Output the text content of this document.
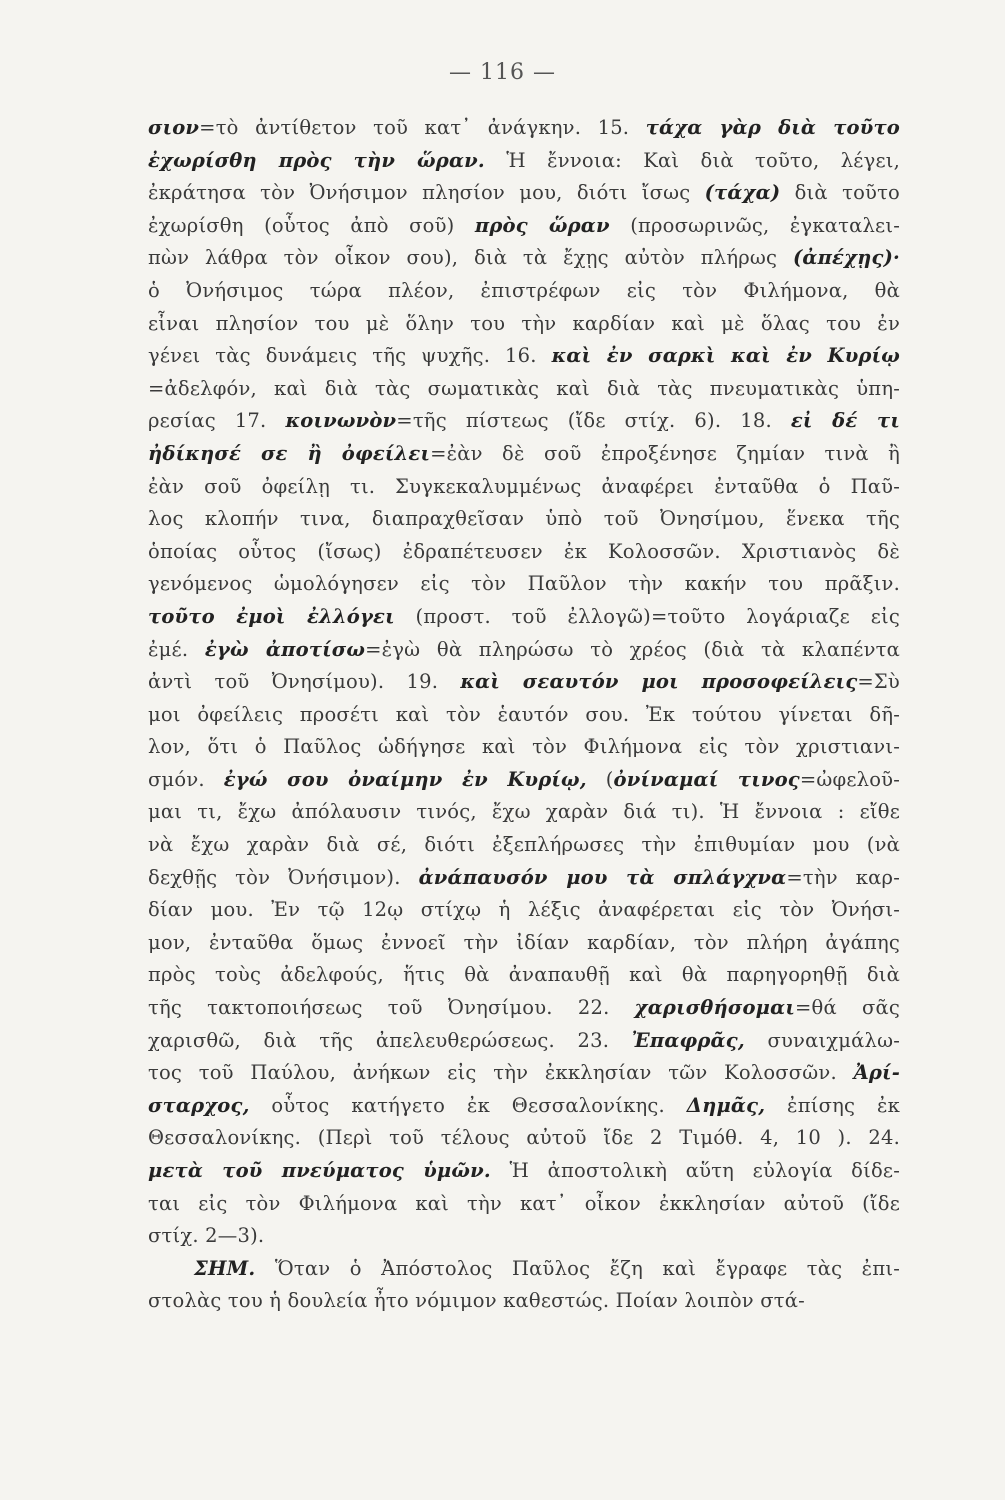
— 116 —
σιον=τὸ ἀντίθετον τοῦ κατ᾽ ἀνάγκην. 15. τάχα γὰρ διὰ τοῦτο
ἐχωρίσθη πρὸς τὴν ὥραν. Ἡ ἔννοια: Καὶ διὰ τοῦτο, λέγει,
ἐκράτησα τὸν Ὀνήσιμον πλησίον μου, διότι ἴσως (τάχα) διὰ τοῦτο
ἐχωρίσθη (οὗτος ἀπὸ σοῦ) πρὸς ὥραν (προσωρινῶς, ἐγκαταλει-
πὼν λάθρα τὸν οἶκον σου), διὰ τὰ ἔχῃς αὐτὸν πλήρως (ἀπέχῃς)·
ὁ Ὀνήσιμος τώρα πλέον, ἐπιστρέφων εἰς τὸν Φιλήμονα, θὰ
εἶναι πλησίον του μὲ ὅλην του τὴν καρδίαν καὶ μὲ ὅλας του ἐν
γένει τὰς δυνάμεις τῆς ψυχῆς. 16. καὶ ἐν σαρκὶ καὶ ἐν Κυρίῳ
=ἀδελφόν, καὶ διὰ τὰς σωματικὰς καὶ διὰ τὰς πνευματικὰς ὑπη-
ρεσίας 17. κοινωνὸν=τῆς πίστεως (ἴδε στίχ. 6). 18. εἰ δέ τι
ἠδίκησέ σε ἢ ὀφείλει=ἐὰν δὲ σοῦ ἐπροξένησε ζημίαν τινὰ ἢ
ἐὰν σοῦ ὀφείλῃ τι. Συγκεκαλυμμένως ἀναφέρει ἐνταῦθα ὁ Παῦ-
λος κλοπήν τινα, διαπραχθεῖσαν ὑπὸ τοῦ Ὀνησίμου, ἕνεκα τῆς
ὁποίας οὗτος (ἴσως) ἐδραπέτευσεν ἐκ Κολοσσῶν. Χριστιανὸς δὲ
γενόμενος ὡμολόγησεν εἰς τὸν Παῦλον τὴν κακήν του πρᾶξιν.
τοῦτο ἐμοὶ ἐλλόγει (προστ. τοῦ ἐλλογῶ)=τοῦτο λογάριαζε εἰς
ἐμέ. ἐγὼ ἀποτίσω=ἐγὼ θὰ πληρώσω τὸ χρέος (διὰ τὰ κλαπέντα
ἀντὶ τοῦ Ὀνησίμου). 19. καὶ σεαυτόν μοι προσοφείλεις=Σὺ
μοι ὀφείλεις προσέτι καὶ τὸν ἑαυτόν σου. Ἐκ τούτου γίνεται δῆ-
λον, ὅτι ὁ Παῦλος ὡδήγησε καὶ τὸν Φιλήμονα εἰς τὸν χριστιανι-
σμόν. ἐγώ σου ὀναίμην ἐν Κυρίῳ, (ὀνίναμαί τινος=ὠφελοῦ-
μαι τι, ἔχω ἀπόλαυσιν τινός, ἔχω χαρὰν διά τι). Ἡ ἔννοια : εἴθε
νὰ ἔχω χαρὰν διὰ σέ, διότι ἐξεπλήρωσες τὴν ἐπιθυμίαν μου (νὰ
δεχθῇς τὸν Ὀνήσιμον). ἀνάπαυσόν μου τὰ σπλάγχνα=τὴν καρ-
δίαν μου. Ἐν τῷ 12ῳ στίχῳ ἡ λέξις ἀναφέρεται εἰς τὸν Ὀνήσι-
μον, ἐνταῦθα ὅμως ἐννοεῖ τὴν ἰδίαν καρδίαν, τὸν πλήρη ἀγάπης
πρὸς τοὺς ἀδελφούς, ἥτις θὰ ἀναπαυθῇ καὶ θὰ παρηγορηθῇ διὰ
τῆς τακτοποιήσεως τοῦ Ὀνησίμου. 22. χαρισθήσομαι=θά σᾶς
χαρισθῶ, διὰ τῆς ἀπελευθερώσεως. 23. Ἐπαφρᾶς, συναιχμάλω-
τος τοῦ Παύλου, ἀνήκων εἰς τὴν ἐκκλησίαν τῶν Κολοσσῶν. Ἀρί-
σταρχος, οὗτος κατήγετο ἐκ Θεσσαλονίκης. Δημᾶς, ἐπίσης ἐκ
Θεσσαλονίκης. (Περὶ τοῦ τέλους αὐτοῦ ἴδε 2 Τιμόθ. 4, 10 ). 24.
μετὰ τοῦ πνεύματος ὑμῶν. Ἡ ἀποστολικὴ αὕτη εὐλογία δίδε-
ται εἰς τὸν Φιλήμονα καὶ τὴν κατ᾽ οἶκον ἐκκλησίαν αὐτοῦ (ἴδε
στίχ. 2—3).
ΣΗΜ. Ὅταν ὁ Ἀπόστολος Παῦλος ἔζη καὶ ἔγραφε τὰς ἐπι-
στολὰς του ἡ δουλεία ἦτο νόμιμον καθεστώς. Ποίαν λοιπὸν στά-
